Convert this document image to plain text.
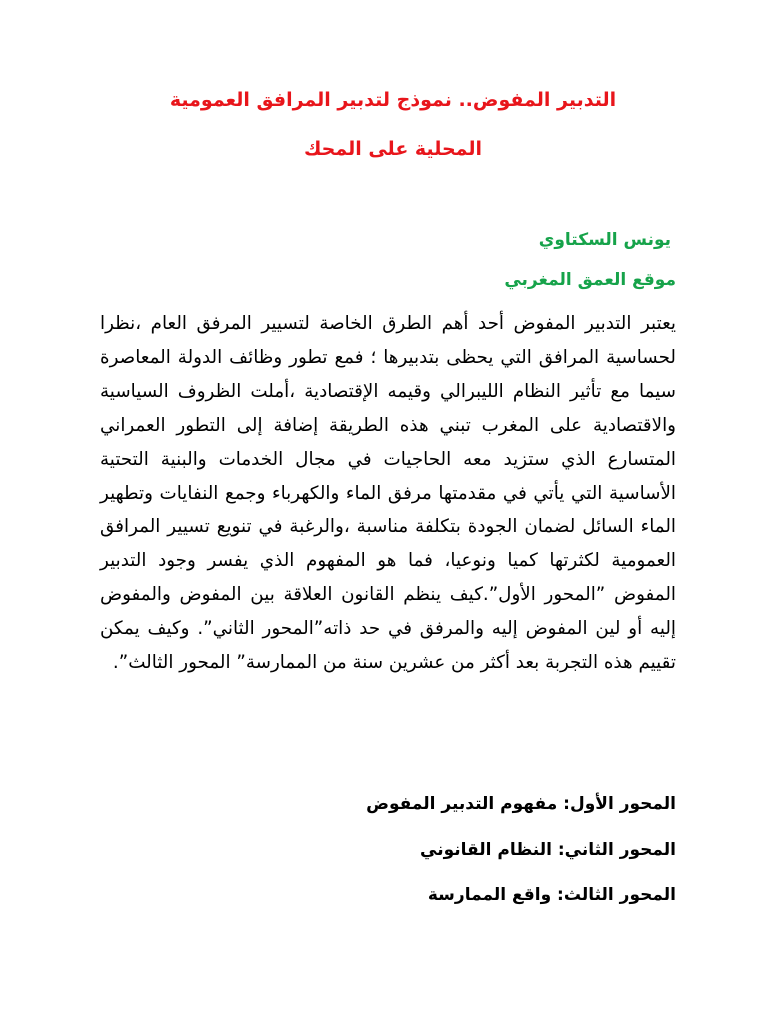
التدبير المفوض.. نموذج لتدبير المرافق العمومية
المحلية على المحك
يونس السكتاوي
موقع العمق المغربي
يعتبر التدبير المفوض أحد أهم الطرق الخاصة لتسيير المرفق العام ،نظرا لحساسية المرافق التي يحظى بتدبيرها ؛ فمع تطور وظائف الدولة المعاصرة سيما مع تأثير النظام الليبرالي وقيمه الإقتصادية ،أملت الظروف السياسية والاقتصادية على المغرب تبني هذه الطريقة إضافة إلى التطور العمراني المتسارع الذي ستزيد معه الحاجيات في مجال الخدمات والبنية التحتية الأساسية التي يأتي في مقدمتها مرفق الماء والكهرباء وجمع النفايات وتطهير الماء السائل لضمان الجودة بتكلفة مناسبة ،والرغبة في تنويع تسيير المرافق العمومية لكثرتها كميا ونوعيا، فما هو المفهوم الذي يفسر وجود التدبير المفوض ”المحور الأول”.كيف ينظم القانون العلاقة بين المفوض والمفوض إليه أو لين المفوض إليه والمرفق في حد ذاته”المحور الثاني”. وكيف يمكن تقييم هذه التجربة بعد أكثر من عشرين سنة من الممارسة” المحور الثالث”.
المحور الأول: مفهوم التدبير المفوض
المحور الثاني: النظام القانوني
المحور الثالث: واقع الممارسة
